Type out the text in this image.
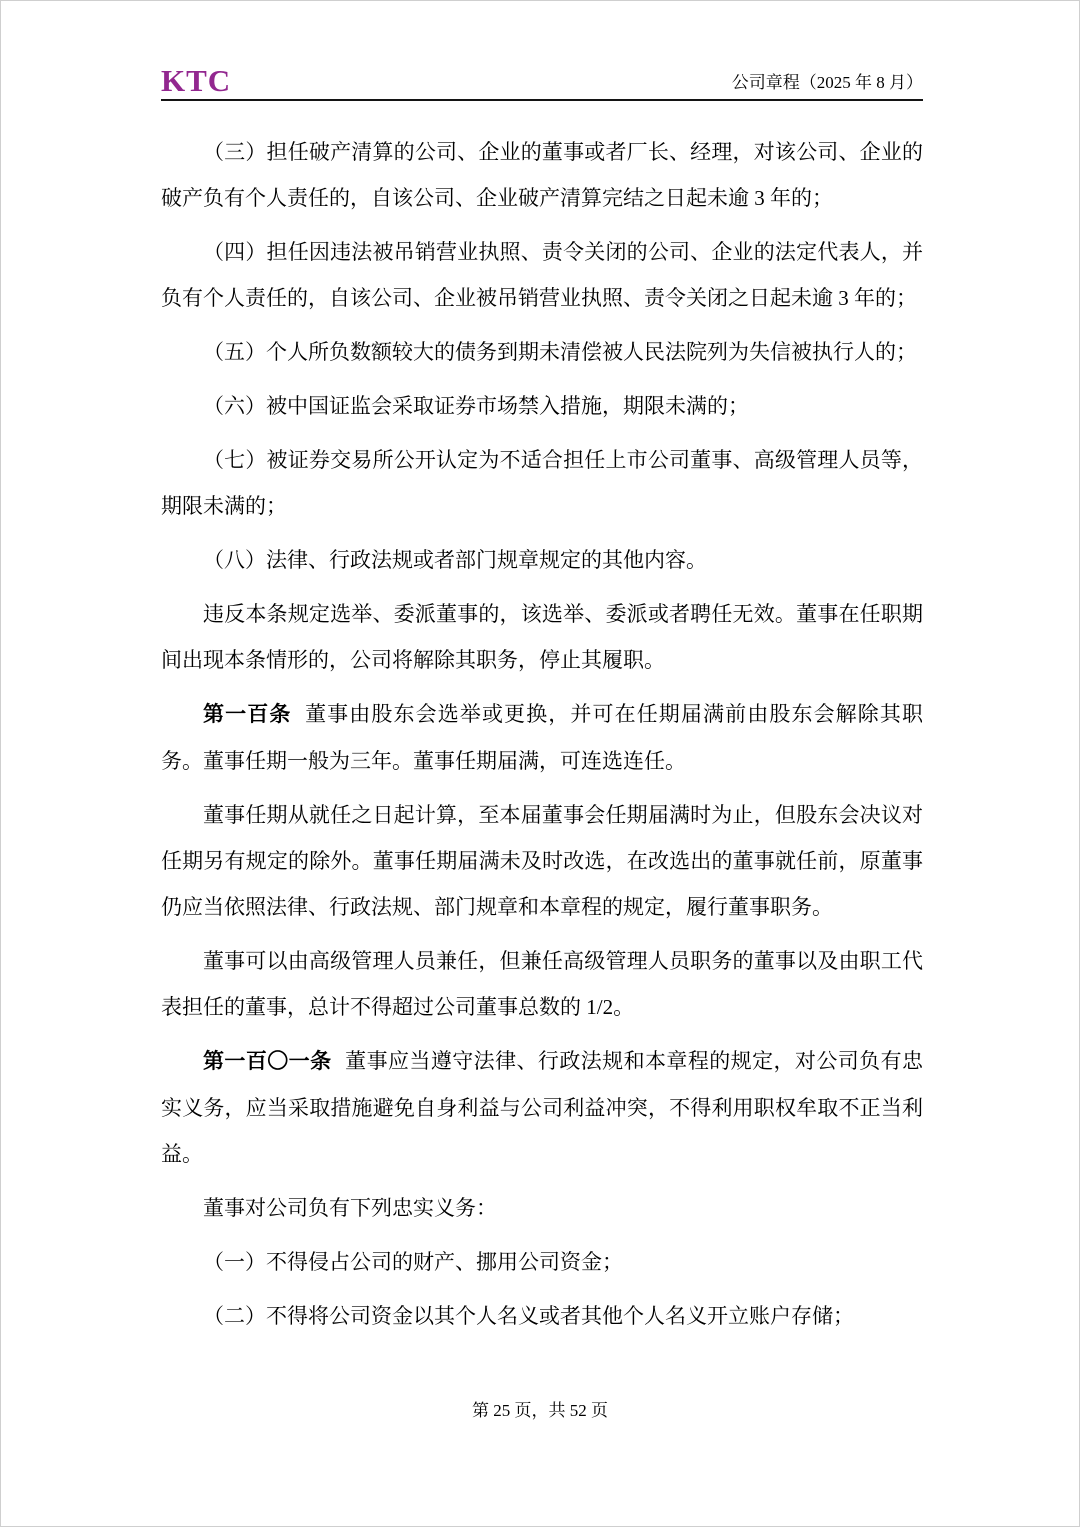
KTC	公司章程（2025 年 8 月）

（三）担任破产清算的公司、企业的董事或者厂长、经理，对该公司、企业的破产负有个人责任的，自该公司、企业破产清算完结之日起未逾 3 年的；

（四）担任因违法被吊销营业执照、责令关闭的公司、企业的法定代表人，并负有个人责任的，自该公司、企业被吊销营业执照、责令关闭之日起未逾 3 年的；

（五）个人所负数额较大的债务到期未清偿被人民法院列为失信被执行人的；

（六）被中国证监会采取证券市场禁入措施，期限未满的；

（七）被证券交易所公开认定为不适合担任上市公司董事、高级管理人员等，期限未满的；

（八）法律、行政法规或者部门规章规定的其他内容。

违反本条规定选举、委派董事的，该选举、委派或者聘任无效。董事在任职期间出现本条情形的，公司将解除其职务，停止其履职。

第一百条 董事由股东会选举或更换，并可在任期届满前由股东会解除其职务。董事任期一般为三年。董事任期届满，可连选连任。

董事任期从就任之日起计算，至本届董事会任期届满时为止，但股东会决议对任期另有规定的除外。董事任期届满未及时改选，在改选出的董事就任前，原董事仍应当依照法律、行政法规、部门规章和本章程的规定，履行董事职务。

董事可以由高级管理人员兼任，但兼任高级管理人员职务的董事以及由职工代表担任的董事，总计不得超过公司董事总数的 1/2。

第一百〇一条 董事应当遵守法律、行政法规和本章程的规定，对公司负有忠实义务，应当采取措施避免自身利益与公司利益冲突，不得利用职权牟取不正当利益。

董事对公司负有下列忠实义务：

（一）不得侵占公司的财产、挪用公司资金；

（二）不得将公司资金以其个人名义或者其他个人名义开立账户存储；

第 25 页，共 52 页
